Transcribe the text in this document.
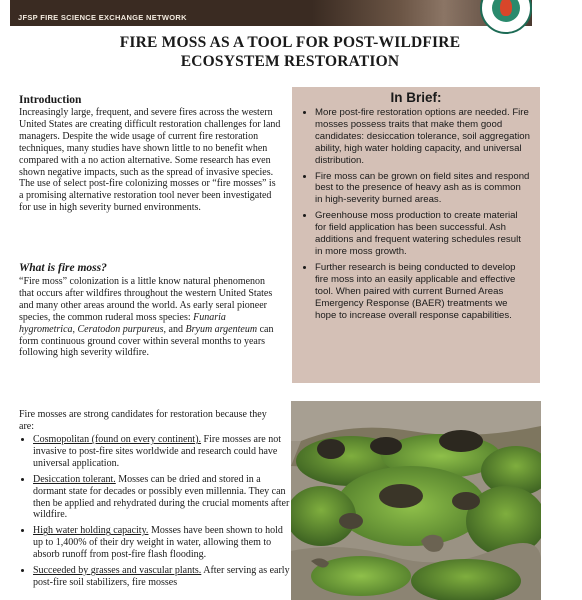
JFSP FIRE SCIENCE EXCHANGE NETWORK
FIRE MOSS AS A TOOL FOR POST-WILDFIRE
ECOSYSTEM RESTORATION
Introduction

Increasingly large, frequent, and severe fires across the western United States are creating difficult restoration challenges for land managers. Despite the wide usage of current fire restoration techniques, many studies have shown little to no benefit when compared with a no action alternative. Some research has even shown negative impacts, such as the spread of invasive species. The use of select post-fire colonizing mosses or “fire mosses” is a promising alternative restoration tool never been investigated for use in high severity burned environments.

What is fire moss?

“Fire moss” colonization is a little know natural phenomenon that occurs after wildfires throughout the western United States and many other areas around the world. As early seral pioneer species, the common ruderal moss species: Funaria hygrometrica, Ceratodon purpureus, and Bryum argenteum can form continuous ground cover within several months to years following high severity wildfire.

Fire mosses are strong candidates for restoration because they are:

• Cosmopolitan (found on every continent). Fire mosses are not invasive to post-fire sites worldwide and research could have universal application.
• Desiccation tolerant. Mosses can be dried and stored in a dormant state for decades or possibly even millennia. They can then be applied and rehydrated during the crucial moments after wildfire.
• High water holding capacity. Mosses have been shown to hold up to 1,400% of their dry weight in water, allowing them to absorb runoff from post-fire flash flooding.
• Succeeded by grasses and vascular plants. After serving as early post-fire soil stabilizers, fire mosses
In Brief:
• More post-fire restoration options are needed. Fire mosses possess traits that make them good candidates: desiccation tolerance, soil aggregation ability, high water holding capacity, and universal distribution.
• Fire moss can be grown on field sites and respond best to the presence of heavy ash as is common in high-severity burned areas.
• Greenhouse moss production to create material for field application has been successful. Ash additions and frequent watering schedules result in more moss growth.
• Further research is being conducted to develop fire moss into an easily applicable and effective tool. When paired with current Burned Areas Emergency Response (BAER) treatments we hope to increase overall response capabilities.
